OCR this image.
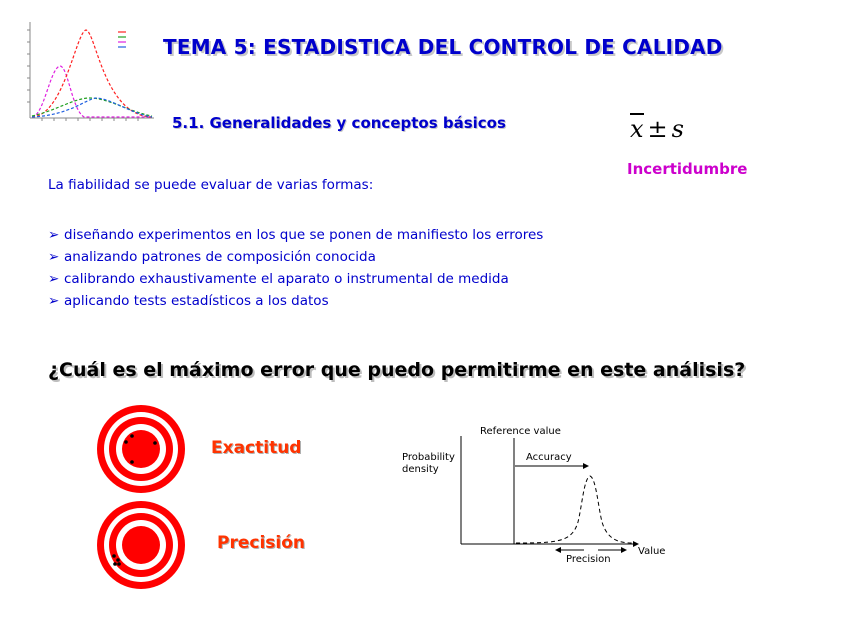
TEMA 5: ESTADISTICA DEL CONTROL DE CALIDAD
5.1. Generalidades y conceptos básicos	x ± s
Incertidumbre
La fiabilidad se puede evaluar de varias formas:
➢ diseñando experimentos en los que se ponen de manifiesto los errores
➢ analizando patrones de composición conocida
➢ calibrando exhaustivamente el aparato o instrumental de medida
➢ aplicando tests estadísticos a los datos
¿Cuál es el máximo error que puedo permitirme en este análisis?
Exactitud
Precisión
Reference value
Probability
density
Accuracy
Precision
Value
